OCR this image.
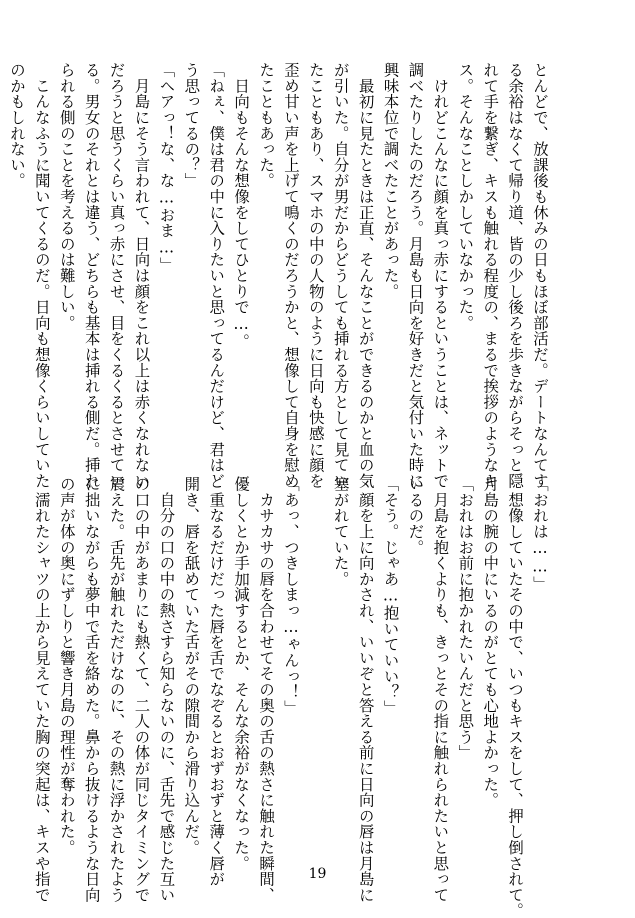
とんどで、放課後も休みの日もほぼ部活だ。デートなんてす
る余裕はなくて帰り道、皆の少し後ろを歩きながらそっと隠
れて手を繋ぎ、キスも触れる程度の、まるで挨拶のようなキ
ス。そんなことしかしていなかった。
　けれどこんなに顔を真っ赤にするということは、ネットで
調べたりしたのだろう。月島も日向を好きだと気付いた時に
興味本位で調べたことがあった。
　最初に見たときは正直、そんなことができるのかと血の気
が引いた。自分が男だからどうしても挿れる方として見てい
たこともあり、スマホの中の人物のように日向も快感に顔を
歪め甘い声を上げて鳴くのだろうかと、想像して自身を慰め
たこともあった。
　日向もそんな想像をしてひとりで…。
「ねぇ、僕は君の中に入りたいと思ってるんだけど、君はど
う思ってるの？」
「ヘアっ！な、な…おま…」
　月島にそう言われて、日向は顔をこれ以上は赤くなれない
だろうと思うくらい真っ赤にさせ、目をくるくるとさせてい
る。男女のそれとは違う、どちらも基本は挿れる側だ。挿れ
られる側のことを考えるのは難しい。
　こんなふうに聞いてくるのだ。日向も想像くらいしていた
のかもしれない。
「おれは……」
　想像していたその中で、いつもキスをして、押し倒されて。
月島の腕の中にいるのがとても心地よかった。
「おれはお前に抱かれたいんだと思う」
　月島を抱くよりも、きっとその指に触れられたいと思って
いるのだ。
「そう。じゃあ…抱いていい？」
　顔を上に向かされ、いいぞと答える前に日向の唇は月島に
塞がれていた。
「あっ、つきしまっ…ゃんっ！」
　カサカサの唇を合わせてその奥の舌の熱さに触れた瞬間、
優しくとか手加減するとか、そんな余裕がなくなった。
　重なるだけだった唇を舌でなぞるとおずおずと薄く唇が
開き、唇を舐めていた舌がその隙間から滑り込んだ。
　自分の口の中の熱さすら知らないのに、舌先で感じた互い
の口の中があまりにも熱くて、二人の体が同じタイミングで
震えた。舌先が触れただけなのに、その熱に浮かされたよう
に拙いながらも夢中で舌を絡めた。鼻から抜けるような日向
の声が体の奥にずしりと響き月島の理性が奪われた。
　濡れたシャツの上から見えていた胸の突起は、キスや指で	19
